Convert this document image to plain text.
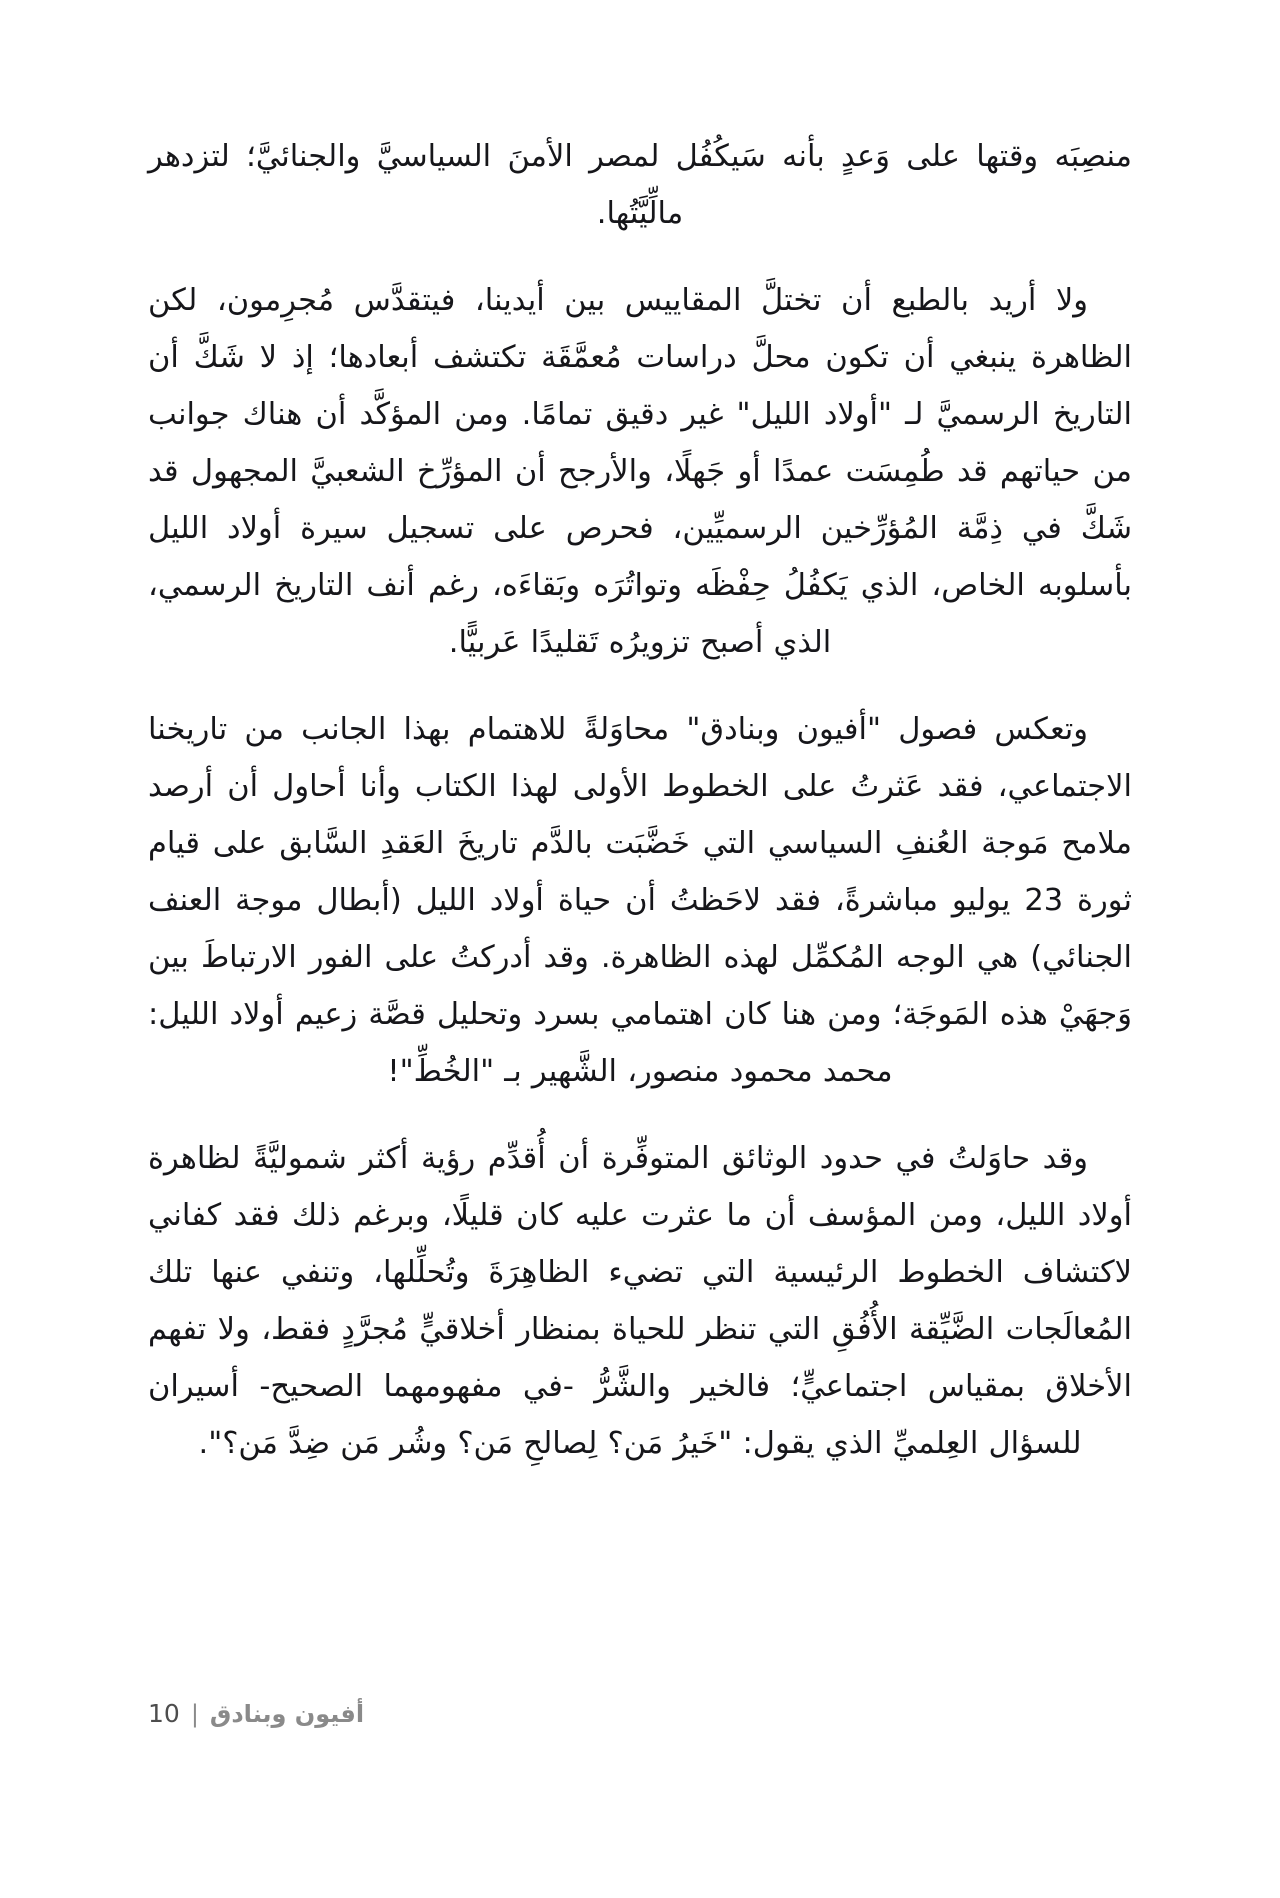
منصِبَه وقتها على وَعدٍ بأنه سَيكُفُل لمصر الأمنَ السياسيَّ والجنائيَّ؛ لتزدهر مالِّيَّتُها.

ولا أريد بالطبع أن تختلَّ المقاييس بين أيدينا، فيتقدَّس مُجرِمون، لكن الظاهرة ينبغي أن تكون محلَّ دراسات مُعمَّقَة تكتشف أبعادها؛ إذ لا شَكَّ أن التاريخ الرسميَّ لـ "أولاد الليل" غير دقيق تمامًا. ومن المؤكَّد أن هناك جوانب من حياتهم قد طُمِسَت عمدًا أو جَهلًا، والأرجح أن المؤرِّخ الشعبيَّ المجهول قد شَكَّ في ذِمَّة المُؤرِّخين الرسميِّين، فحرص على تسجيل سيرة أولاد الليل بأسلوبه الخاص، الذي يَكفُلُ حِفْظَه وتواتُرَه وبَقاءَه، رغم أنف التاريخ الرسمي، الذي أصبح تزويرُه تَقليدًا عَربيًّا.

وتعكس فصول "أفيون وبنادق" محاوَلةً للاهتمام بهذا الجانب من تاريخنا الاجتماعي، فقد عَثرتُ على الخطوط الأولى لهذا الكتاب وأنا أحاول أن أرصد ملامح مَوجة العُنفِ السياسي التي خَضَّبَت بالدَّم تاريخَ العَقدِ السَّابق على قيام ثورة 23 يوليو مباشرةً، فقد لاحَظتُ أن حياة أولاد الليل (أبطال موجة العنف الجنائي) هي الوجه المُكمِّل لهذه الظاهرة. وقد أدركتُ على الفور الارتباطَ بين وَجهَيْ هذه المَوجَة؛ ومن هنا كان اهتمامي بسرد وتحليل قصَّة زعيم أولاد الليل: محمد محمود منصور، الشَّهير بـ "الخُطِّ"!

وقد حاوَلتُ في حدود الوثائق المتوفِّرة أن أُقدِّم رؤية أكثر شموليَّةً لظاهرة أولاد الليل، ومن المؤسف أن ما عثرت عليه كان قليلًا، وبرغم ذلك فقد كفاني لاكتشاف الخطوط الرئيسية التي تضيء الظاهِرَةَ وتُحلِّلها، وتنفي عنها تلك المُعالَجات الضَّيِّقة الأُفُقِ التي تنظر للحياة بمنظار أخلاقيٍّ مُجرَّدٍ فقط، ولا تفهم الأخلاق بمقياس اجتماعيٍّ؛ فالخير والشَّرُّ -في مفهومهما الصحيح- أسيران للسؤال العِلميِّ الذي يقول: "خَيرُ مَن؟ لِصالحِ مَن؟ وشُر مَن ضِدَّ مَن؟".

أفيون وبنادق
|
10
